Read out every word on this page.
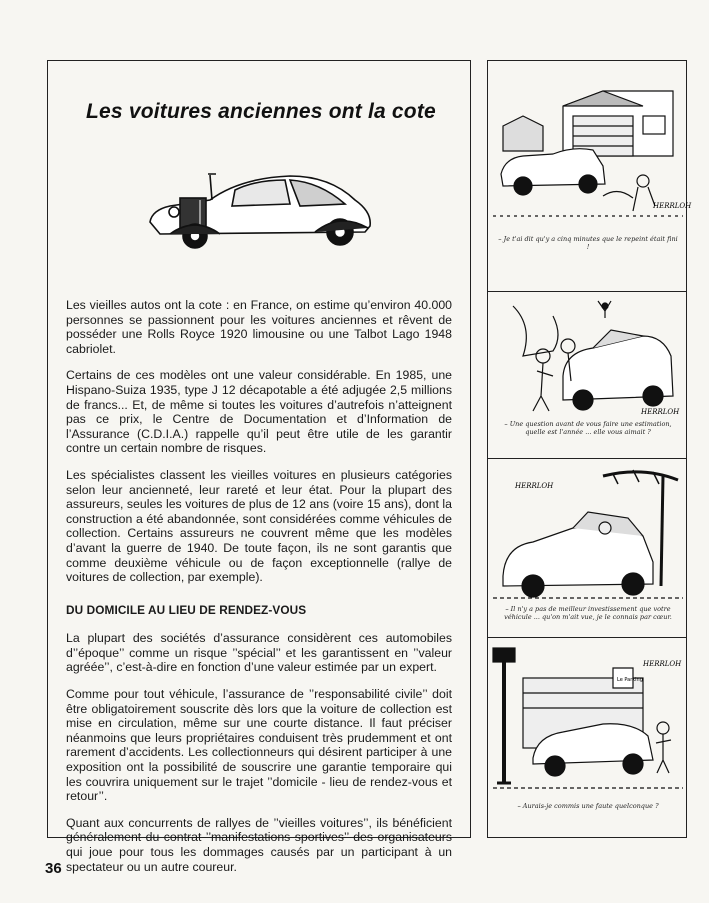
Les voitures anciennes ont la cote

Les vieilles autos ont la cote : en France, on estime qu’environ 40.000 personnes se passionnent pour les voitures anciennes et rêvent de posséder une Rolls Royce 1920 limousine ou une Talbot Lago 1948 cabriolet.

Certains de ces modèles ont une valeur considérable. En 1985, une Hispano-Suiza 1935, type J 12 décapotable a été adjugée 2,5 millions de francs... Et, de même si toutes les voitures d’autrefois n’atteignent pas ce prix, le Centre de Documentation et d’Information de l’Assurance (C.D.I.A.) rappelle qu’il peut être utile de les garantir contre un certain nombre de risques.

Les spécialistes classent les vieilles voitures en plusieurs catégories selon leur ancienneté, leur rareté et leur état. Pour la plupart des assureurs, seules les voitures de plus de 12 ans (voire 15 ans), dont la construction a été abandonnée, sont considérées comme véhicules de collection. Certains assureurs ne couvrent même que les modèles d’avant la guerre de 1940. De toute façon, ils ne sont garantis que comme deuxième véhicule ou de façon exceptionnelle (rallye de voitures de collection, par exemple).

DU DOMICILE AU LIEU DE RENDEZ-VOUS

La plupart des sociétés d’assurance considèrent ces automobiles d’’époque’’ comme un risque ’’spécial’’ et les garantissent en ’’valeur agréée’’, c’est-à-dire en fonction d’une valeur estimée par un expert.

Comme pour tout véhicule, l’assurance de ’’responsabilité civile’’ doit être obligatoirement souscrite dès lors que la voiture de collection est mise en circulation, même sur une courte distance. Il faut préciser néanmoins que leurs propriétaires conduisent très prudemment et ont rarement d’accidents. Les collectionneurs qui désirent participer à une exposition ont la possibilité de souscrire une garantie temporaire qui les couvrira uniquement sur le trajet ’’domicile - lieu de rendez-vous et retour’’.

Quant aux concurrents de rallyes de ’’vieilles voitures’’, ils bénéficient généralement du contrat ’’manifestations sportives’’ des organisateurs qui joue pour tous les dommages causés par un participant à un spectateur ou un autre coureur.

HERRLOH
– Je t'ai dit qu'y a cinq minutes que le repeint était fini !
HERRLOH
– Une question avant de vous faire une estimation, quelle est l'année ... elle vous aimait ?
HERRLOH
– Il n'y a pas de meilleur investissement que votre véhicule ... qu'on m'ait vue, je le connais par cœur.
Le Parking
HERRLOH
– Aurais-je commis une faute quelconque ?
36
